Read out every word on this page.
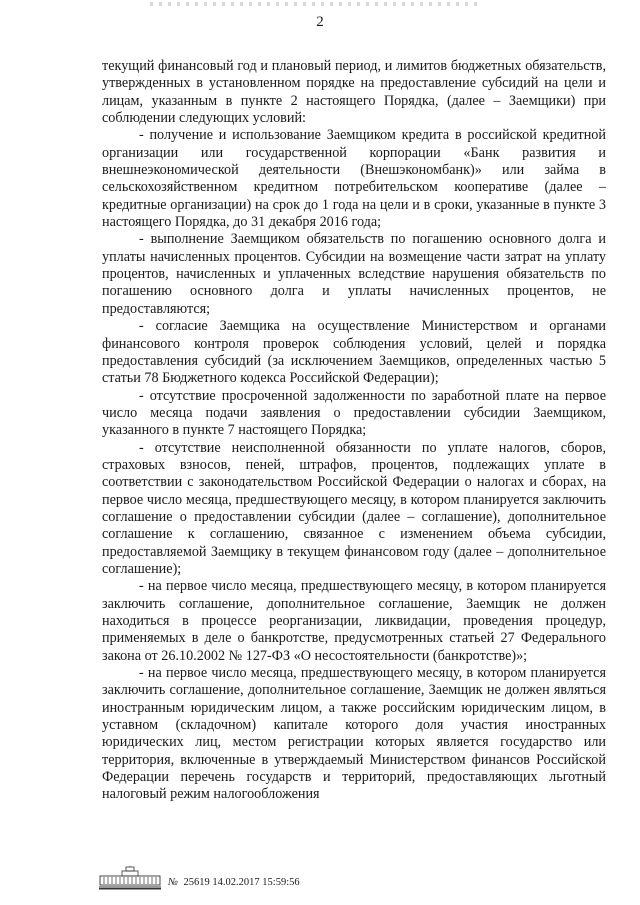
2

текущий финансовый год и плановый период, и лимитов бюджетных обязательств, утвержденных в установленном порядке на предоставление субсидий на цели и лицам, указанным в пункте 2 настоящего Порядка, (далее – Заемщики) при соблюдении следующих условий:

- получение и использование Заемщиком кредита в российской кредитной организации или государственной корпорации «Банк развития и внешнеэкономической деятельности (Внешэкономбанк)» или займа в сельскохозяйственном кредитном потребительском кооперативе (далее – кредитные организации) на срок до 1 года на цели и в сроки, указанные в пункте 3 настоящего Порядка, до 31 декабря 2016 года;

- выполнение Заемщиком обязательств по погашению основного долга и уплаты начисленных процентов. Субсидии на возмещение части затрат на уплату процентов, начисленных и уплаченных вследствие нарушения обязательств по погашению основного долга и уплаты начисленных процентов, не предоставляются;

- согласие Заемщика на осуществление Министерством и органами финансового контроля проверок соблюдения условий, целей и порядка предоставления субсидий (за исключением Заемщиков, определенных частью 5 статьи 78 Бюджетного кодекса Российской Федерации);

- отсутствие просроченной задолженности по заработной плате на первое число месяца подачи заявления о предоставлении субсидии Заемщиком, указанного в пункте 7 настоящего Порядка;

- отсутствие неисполненной обязанности по уплате налогов, сборов, страховых взносов, пеней, штрафов, процентов, подлежащих уплате в соответствии с законодательством Российской Федерации о налогах и сборах, на первое число месяца, предшествующего месяцу, в котором планируется заключить соглашение о предоставлении субсидии (далее – соглашение), дополнительное соглашение к соглашению, связанное с изменением объема субсидии, предоставляемой Заемщику в текущем финансовом году (далее – дополнительное соглашение);

- на первое число месяца, предшествующего месяцу, в котором планируется заключить соглашение, дополнительное соглашение, Заемщик не должен находиться в процессе реорганизации, ликвидации, проведения процедур, применяемых в деле о банкротстве, предусмотренных статьей 27 Федерального закона от 26.10.2002 № 127-ФЗ «О несостоятельности (банкротстве)»;

- на первое число месяца, предшествующего месяцу, в котором планируется заключить соглашение, дополнительное соглашение, Заемщик не должен являться иностранным юридическим лицом, а также российским юридическим лицом, в уставном (складочном) капитале которого доля участия иностранных юридических лиц, местом регистрации которых является государство или территория, включенные в утверждаемый Министерством финансов Российской Федерации перечень государств и территорий, предоставляющих льготный налоговый режим налогообложения

№ 25619 14.02.2017 15:59:56
